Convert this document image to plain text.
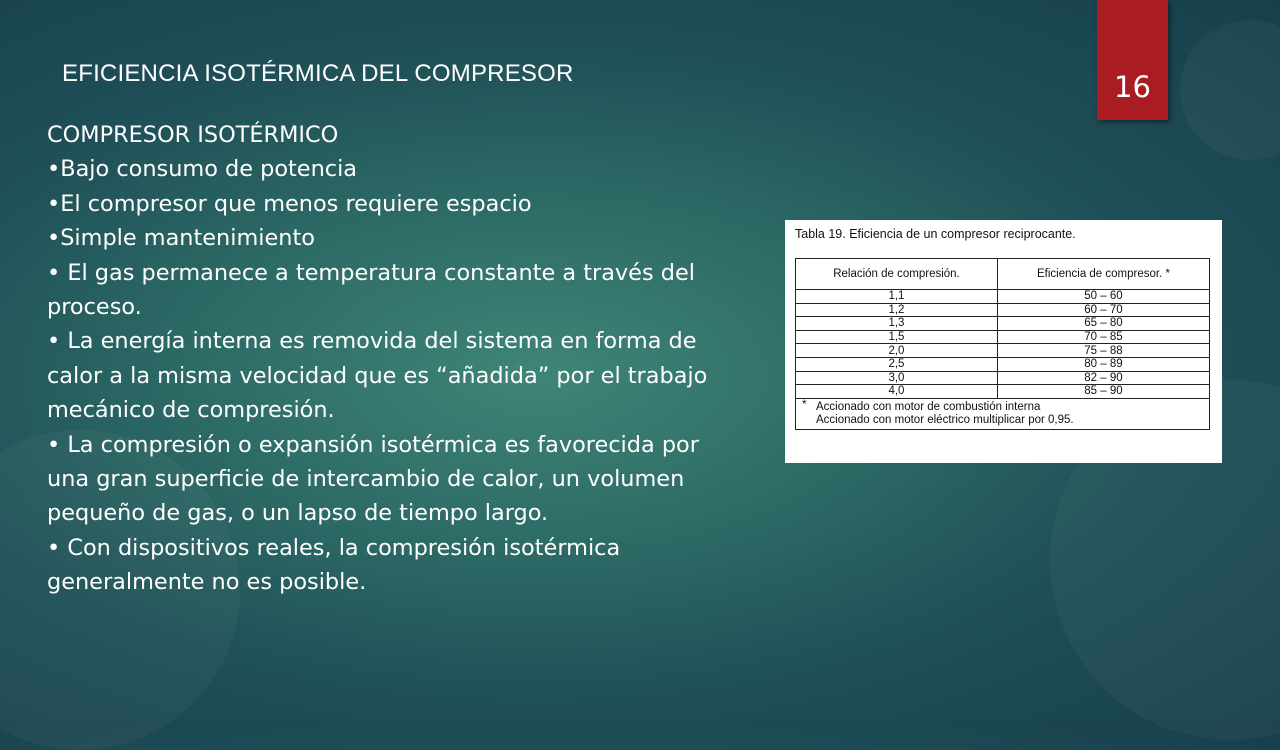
EFICIENCIA ISOTÉRMICA DEL COMPRESOR	16

COMPRESOR ISOTÉRMICO

•Bajo consumo de potencia

•El compresor que menos requiere espacio

•Simple mantenimiento

• El gas permanece a temperatura constante a través del proceso.

• La energía interna es removida del sistema en forma de calor a la misma velocidad que es “añadida” por el trabajo mecánico de compresión.

• La compresión o expansión isotérmica es favorecida por una gran superficie de intercambio de calor, un volumen pequeño de gas, o un lapso de tiempo largo.

• Con dispositivos reales, la compresión isotérmica generalmente no es posible.

Tabla 19. Eficiencia de un compresor reciprocante.
Relación de compresión.	Eficiencia de compresor. *
1,1	50 – 60
1,2	60 – 70
1,3	65 – 80
1,5	70 – 85
2,0	75 – 88
2,5	80 – 89
3,0	82 – 90
4,0	85 – 90

* Accionado con motor de combustión interna
Accionado con motor eléctrico multiplicar por 0,95.	
